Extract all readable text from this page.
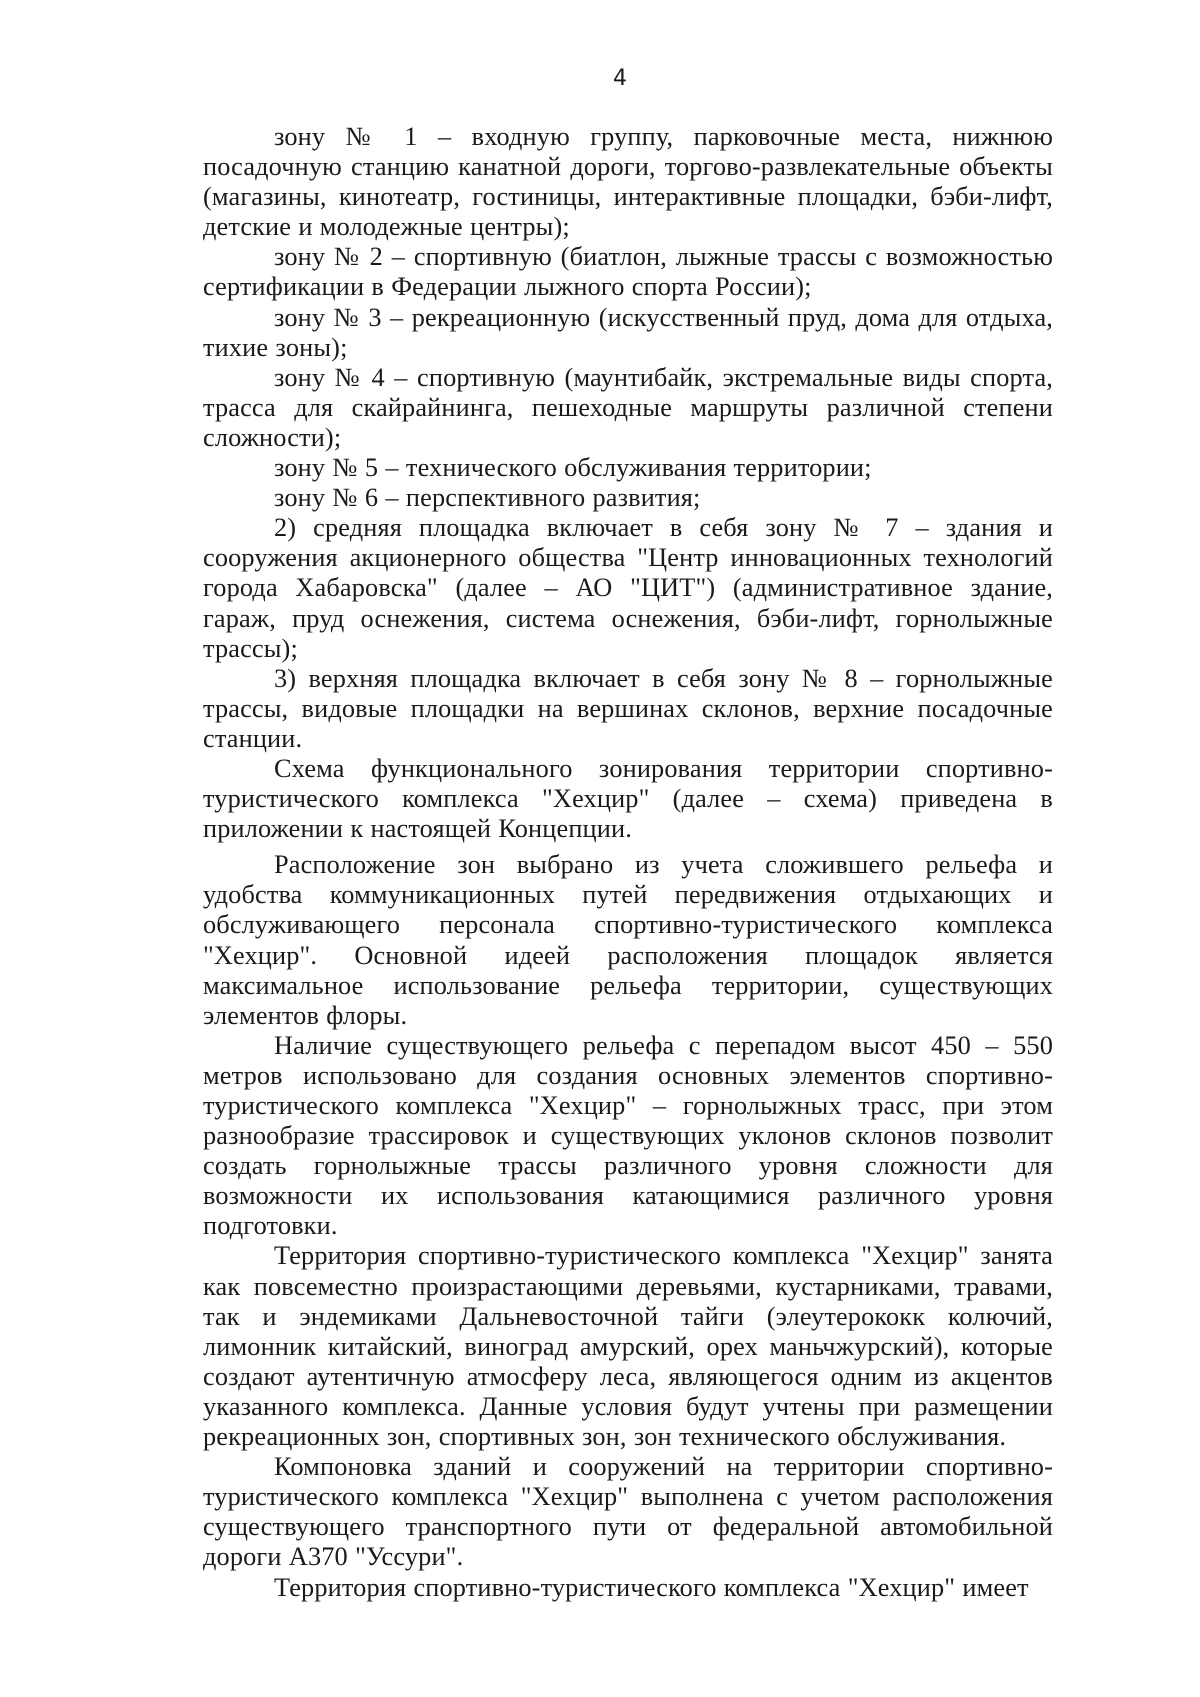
4

зону № 1 – входную группу, парковочные места, нижнюю посадочную станцию канатной дороги, торгово-развлекательные объекты (магазины, кинотеатр, гостиницы, интерактивные площадки, бэби-лифт, детские и молодежные центры);

зону № 2 – спортивную (биатлон, лыжные трассы с возможностью сертификации в Федерации лыжного спорта России);

зону № 3 – рекреационную (искусственный пруд, дома для отдыха, тихие зоны);

зону № 4 – спортивную (маунтибайк, экстремальные виды спорта, трасса для скайрайнинга, пешеходные маршруты различной степени сложности);

зону № 5 – технического обслуживания территории;

зону № 6 – перспективного развития;

2) средняя площадка включает в себя зону № 7 – здания и сооружения акционерного общества "Центр инновационных технологий города Хабаровска" (далее – АО "ЦИТ") (административное здание, гараж, пруд оснежения, система оснежения, бэби-лифт, горнолыжные трассы);

3) верхняя площадка включает в себя зону № 8 – горнолыжные трассы, видовые площадки на вершинах склонов, верхние посадочные станции.

Схема функционального зонирования территории спортивно-туристического комплекса "Хехцир" (далее – схема) приведена в приложении к настоящей Концепции.

Расположение зон выбрано из учета сложившего рельефа и удобства коммуникационных путей передвижения отдыхающих и обслуживающего персонала спортивно-туристического комплекса "Хехцир". Основной идеей расположения площадок является максимальное использование рельефа территории, существующих элементов флоры.

Наличие существующего рельефа с перепадом высот 450 – 550 метров использовано для создания основных элементов спортивно-туристического комплекса "Хехцир" – горнолыжных трасс, при этом разнообразие трассировок и существующих уклонов склонов позволит создать горнолыжные трассы различного уровня сложности для возможности их использования катающимися различного уровня подготовки.

Территория спортивно-туристического комплекса "Хехцир" занята как повсеместно произрастающими деревьями, кустарниками, травами, так и эндемиками Дальневосточной тайги (элеутерококк колючий, лимонник китайский, виноград амурский, орех маньчжурский), которые создают аутентичную атмосферу леса, являющегося одним из акцентов указанного комплекса. Данные условия будут учтены при размещении рекреационных зон, спортивных зон, зон технического обслуживания.

Компоновка зданий и сооружений на территории спортивно-туристического комплекса "Хехцир" выполнена с учетом расположения существующего транспортного пути от федеральной автомобильной дороги А370 "Уссури".

Территория спортивно-туристического комплекса "Хехцир" имеет
